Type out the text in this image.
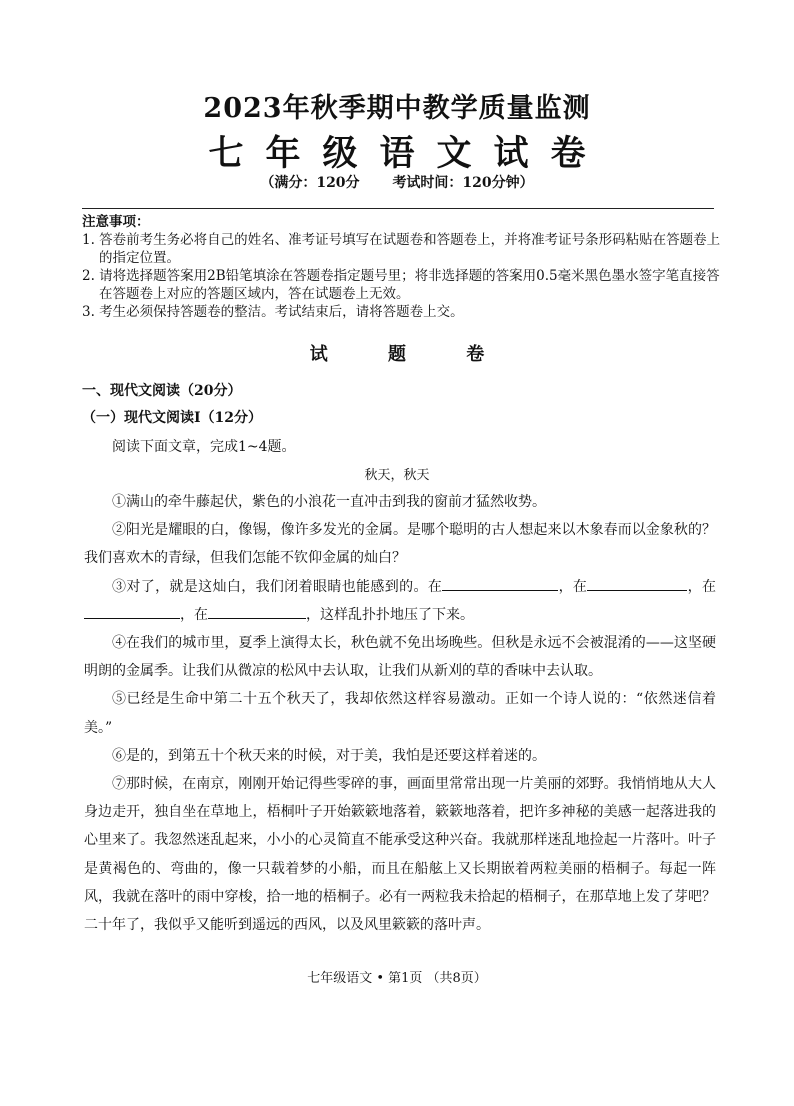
2023年秋季期中教学质量监测
七年级语文试卷
（满分：120分 考试时间：120分钟）
注意事项：
1. 答卷前考生务必将自己的姓名、准考证号填写在试题卷和答题卷上，并将准考证号条形码粘贴在答题卷上的指定位置。
2. 请将选择题答案用2B铅笔填涂在答题卷指定题号里；将非选择题的答案用0.5毫米黑色墨水签字笔直接答在答题卷上对应的答题区域内，答在试题卷上无效。
3. 考生必须保持答题卷的整洁。考试结束后，请将答题卷上交。
试	题	卷
一、现代文阅读（20分）
（一）现代文阅读Ⅰ（12分）
阅读下面文章，完成1~4题。
秋天，秋天

①满山的牵牛藤起伏，紫色的小浪花一直冲击到我的窗前才猛然收势。

②阳光是耀眼的白，像锡，像许多发光的金属。是哪个聪明的古人想起来以木象春而以金象秋的？我们喜欢木的青绿，但我们怎能不钦仰金属的灿白？

③对了，就是这灿白，我们闭着眼睛也能感到的。在	，在	，在，在	，这样乱扑扑地压了下来。

④在我们的城市里，夏季上演得太长，秋色就不免出场晚些。但秋是永远不会被混淆的——这坚硬明朗的金属季。让我们从微凉的松风中去认取，让我们从新刈的草的香味中去认取。

⑤已经是生命中第二十五个秋天了，我却依然这样容易激动。正如一个诗人说的：“依然迷信着美。”

⑥是的，到第五十个秋天来的时候，对于美，我怕是还要这样着迷的。

⑦那时候，在南京，刚刚开始记得些零碎的事，画面里常常出现一片美丽的郊野。我悄悄地从大人身边走开，独自坐在草地上，梧桐叶子开始簌簌地落着，簌簌地落着，把许多神秘的美感一起落进我的心里来了。我忽然迷乱起来，小小的心灵简直不能承受这种兴奋。我就那样迷乱地捡起一片落叶。叶子是黄褐色的、弯曲的，像一只载着梦的小船，而且在船舷上又长期嵌着两粒美丽的梧桐子。每起一阵风，我就在落叶的雨中穿梭，拾一地的梧桐子。必有一两粒我未拾起的梧桐子，在那草地上发了芽吧？二十年了，我似乎又能听到遥远的西风，以及风里簌簌的落叶声。

七年级语文 • 第1页 （共8页）
